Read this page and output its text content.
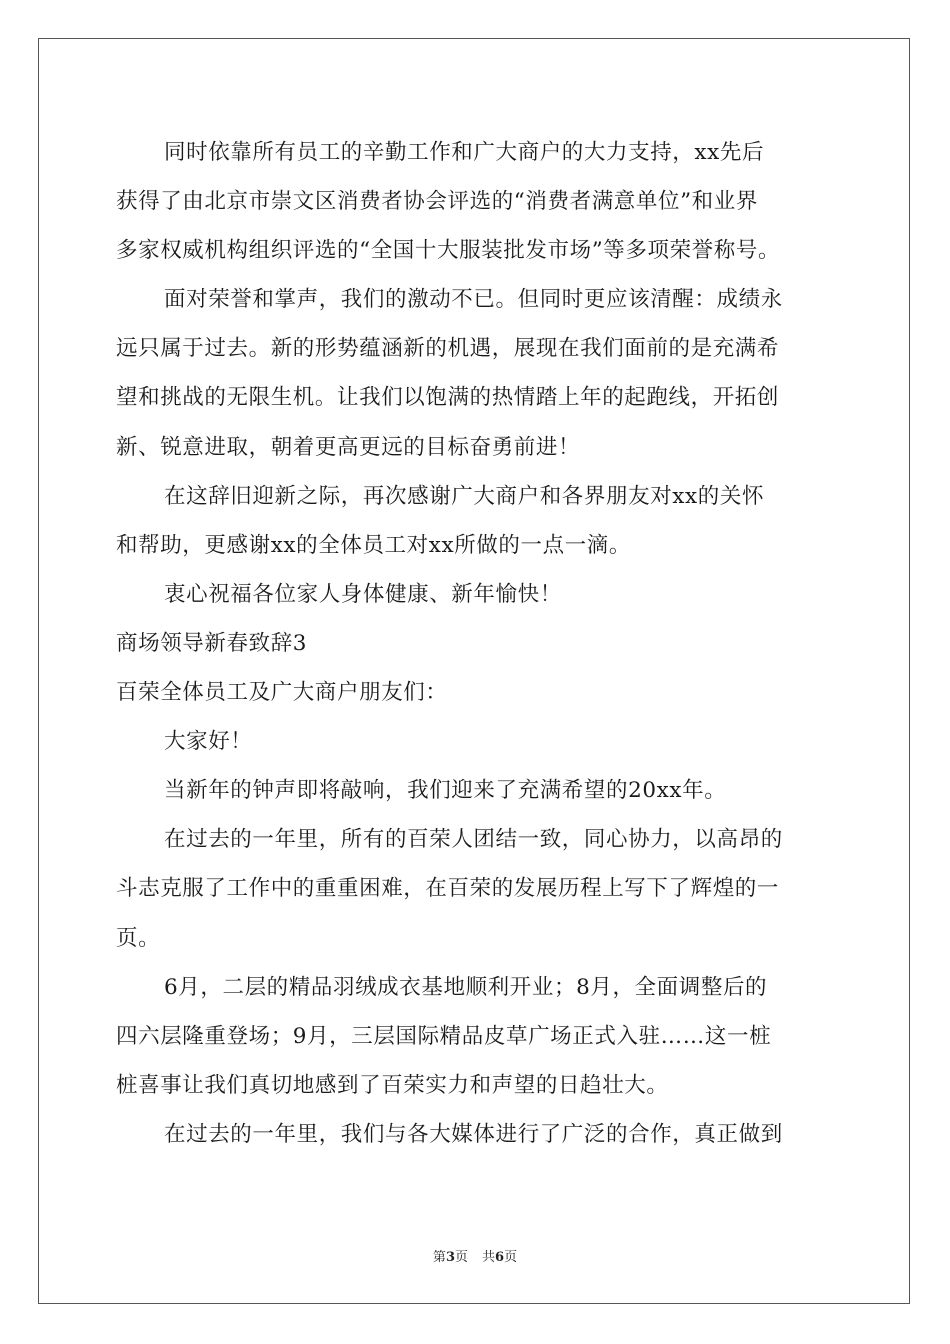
同时依靠所有员工的辛勤工作和广大商户的大力支持，xx先后
获得了由北京市崇文区消费者协会评选的“消费者满意单位”和业界
多家权威机构组织评选的“全国十大服装批发市场”等多项荣誉称号。
面对荣誉和掌声，我们的激动不已。但同时更应该清醒：成绩永
远只属于过去。新的形势蕴涵新的机遇，展现在我们面前的是充满希
望和挑战的无限生机。让我们以饱满的热情踏上年的起跑线，开拓创
新、锐意进取，朝着更高更远的目标奋勇前进！
在这辞旧迎新之际，再次感谢广大商户和各界朋友对xx的关怀
和帮助，更感谢xx的全体员工对xx所做的一点一滴。
衷心祝福各位家人身体健康、新年愉快！
商场领导新春致辞3
百荣全体员工及广大商户朋友们：
大家好！
当新年的钟声即将敲响，我们迎来了充满希望的20xx年。
在过去的一年里，所有的百荣人团结一致，同心协力，以高昂的
斗志克服了工作中的重重困难，在百荣的发展历程上写下了辉煌的一
页。
6月，二层的精品羽绒成衣基地顺利开业；8月，全面调整后的
四六层隆重登场；9月，三层国际精品皮草广场正式入驻……这一桩
桩喜事让我们真切地感到了百荣实力和声望的日趋壮大。
在过去的一年里，我们与各大媒体进行了广泛的合作，真正做到
第3页 共6页
